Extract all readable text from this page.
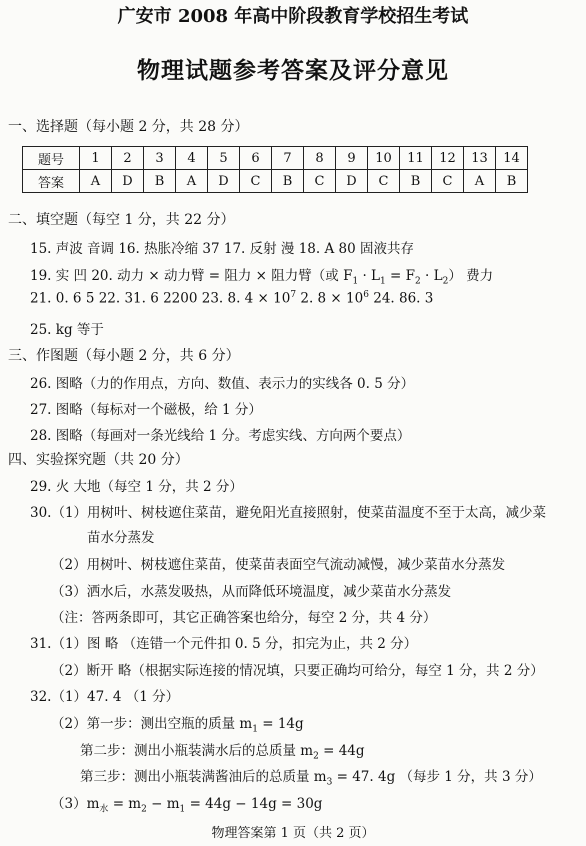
广安市 2008 年高中阶段教育学校招生考试
物理试题参考答案及评分意见
一、选择题（每小题 2 分，共 28 分）
题号	1	2	3	4	5	6	7	8	9	10	11	12	13	14
答案	A	D	B	A	D	C	B	C	D	C	B	C	A	B
二、填空题（每空 1 分，共 22 分）
15. 声波 音调 16. 热胀冷缩 37 17. 反射 漫 18. A 80 固液共存
19. 实 凹 20. 动力 × 动力臂 = 阻力 × 阻力臂（或 $F_1 \cdot L_1 = F_2 \cdot L_2$） 费力
21. 0. 6 5 22. 31. 6 2200 23. 8. $4 \times 10^7$ 2. $8 \times 10^6$ 24. 86. 3
25. kg 等于
三、作图题（每小题 2 分，共 6 分）
26. 图略（力的作用点，方向、数值、表示力的实线各 0. 5 分）
27. 图略（每标对一个磁极，给 1 分）
28. 图略（每画对一条光线给 1 分。考虑实线、方向两个要点）
四、实验探究题（共 20 分）
29. 火 大地（每空 1 分，共 2 分）
30.（1）用树叶、树枝遮住菜苗，避免阳光直接照射，使菜苗温度不至于太高，减少菜
苗水分蒸发
（2）用树叶、树枝遮住菜苗，使菜苗表面空气流动减慢，减少菜苗水分蒸发
（3）洒水后，水蒸发吸热，从而降低环境温度，减少菜苗水分蒸发
（注：答两条即可，其它正确答案也给分，每空 2 分，共 4 分）
31.（1）图 略 （连错一个元件扣 0. 5 分，扣完为止，共 2 分）
（2）断开 略（根据实际连接的情况填，只要正确均可给分，每空 1 分，共 2 分）
32.（1）47. 4 （1 分）
（2）第一步：测出空瓶的质量 $m_1 = 14g$
第二步：测出小瓶装满水后的总质量 $m_2 = 44g$
第三步：测出小瓶装满酱油后的总质量 $m_3 = 47$. 4g （每步 1 分，共 3 分）
$(3)m_水 = m_2 - m_1 = 44g - 14g = 30g$
物理答案第 1 页（共 2 页）
